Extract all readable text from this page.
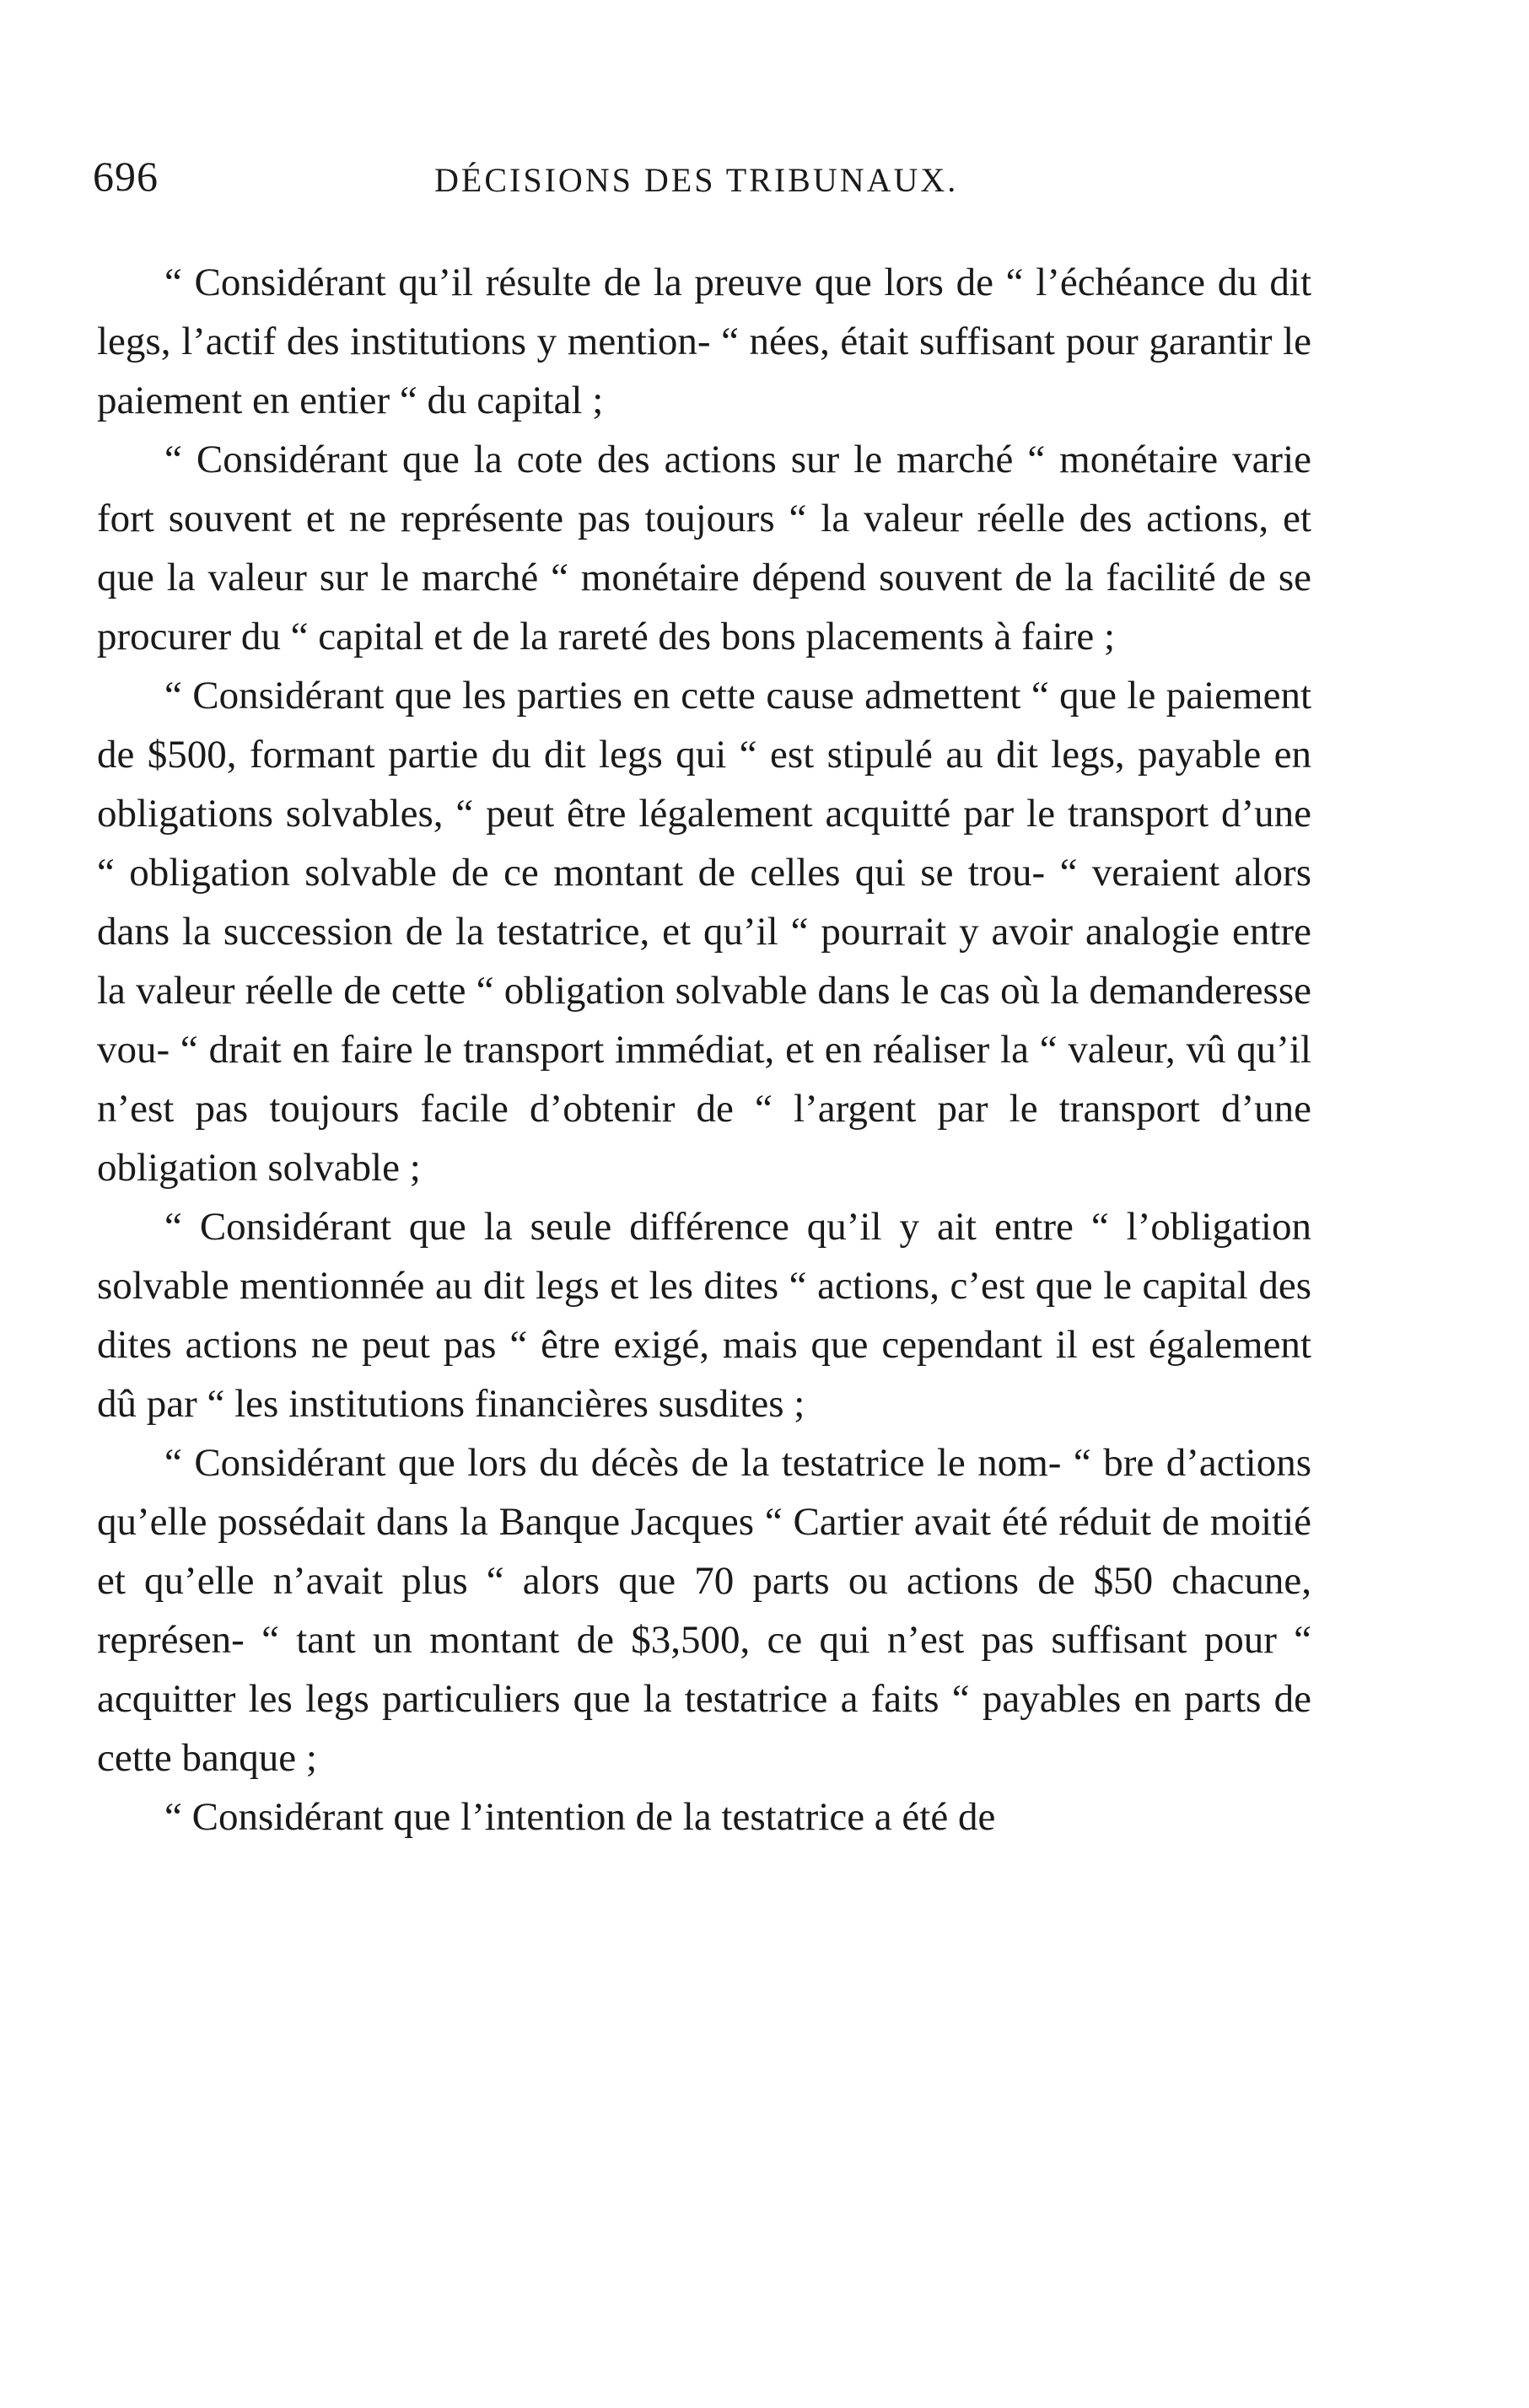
696	DÉCISIONS DES TRIBUNAUX.

“ Considérant qu’il résulte de la preuve que lors de “ l’échéance du dit legs, l’actif des institutions y mention- “ nées, était suffisant pour garantir le paiement en entier “ du capital ;

“ Considérant que la cote des actions sur le marché “ monétaire varie fort souvent et ne représente pas toujours “ la valeur réelle des actions, et que la valeur sur le marché “ monétaire dépend souvent de la facilité de se procurer du “ capital et de la rareté des bons placements à faire ;

“ Considérant que les parties en cette cause admettent “ que le paiement de $500, formant partie du dit legs qui “ est stipulé au dit legs, payable en obligations solvables, “ peut être légalement acquitté par le transport d’une “ obligation solvable de ce montant de celles qui se trou- “ veraient alors dans la succession de la testatrice, et qu’il “ pourrait y avoir analogie entre la valeur réelle de cette “ obligation solvable dans le cas où la demanderesse vou- “ drait en faire le transport immédiat, et en réaliser la “ valeur, vû qu’il n’est pas toujours facile d’obtenir de “ l’argent par le transport d’une obligation solvable ;

“ Considérant que la seule différence qu’il y ait entre “ l’obligation solvable mentionnée au dit legs et les dites “ actions, c’est que le capital des dites actions ne peut pas “ être exigé, mais que cependant il est également dû par “ les institutions financières susdites ;

“ Considérant que lors du décès de la testatrice le nom- “ bre d’actions qu’elle possédait dans la Banque Jacques “ Cartier avait été réduit de moitié et qu’elle n’avait plus “ alors que 70 parts ou actions de $50 chacune, représen- “ tant un montant de $3,500, ce qui n’est pas suffisant pour “ acquitter les legs particuliers que la testatrice a faits “ payables en parts de cette banque ;

“ Considérant que l’intention de la testatrice a été de
